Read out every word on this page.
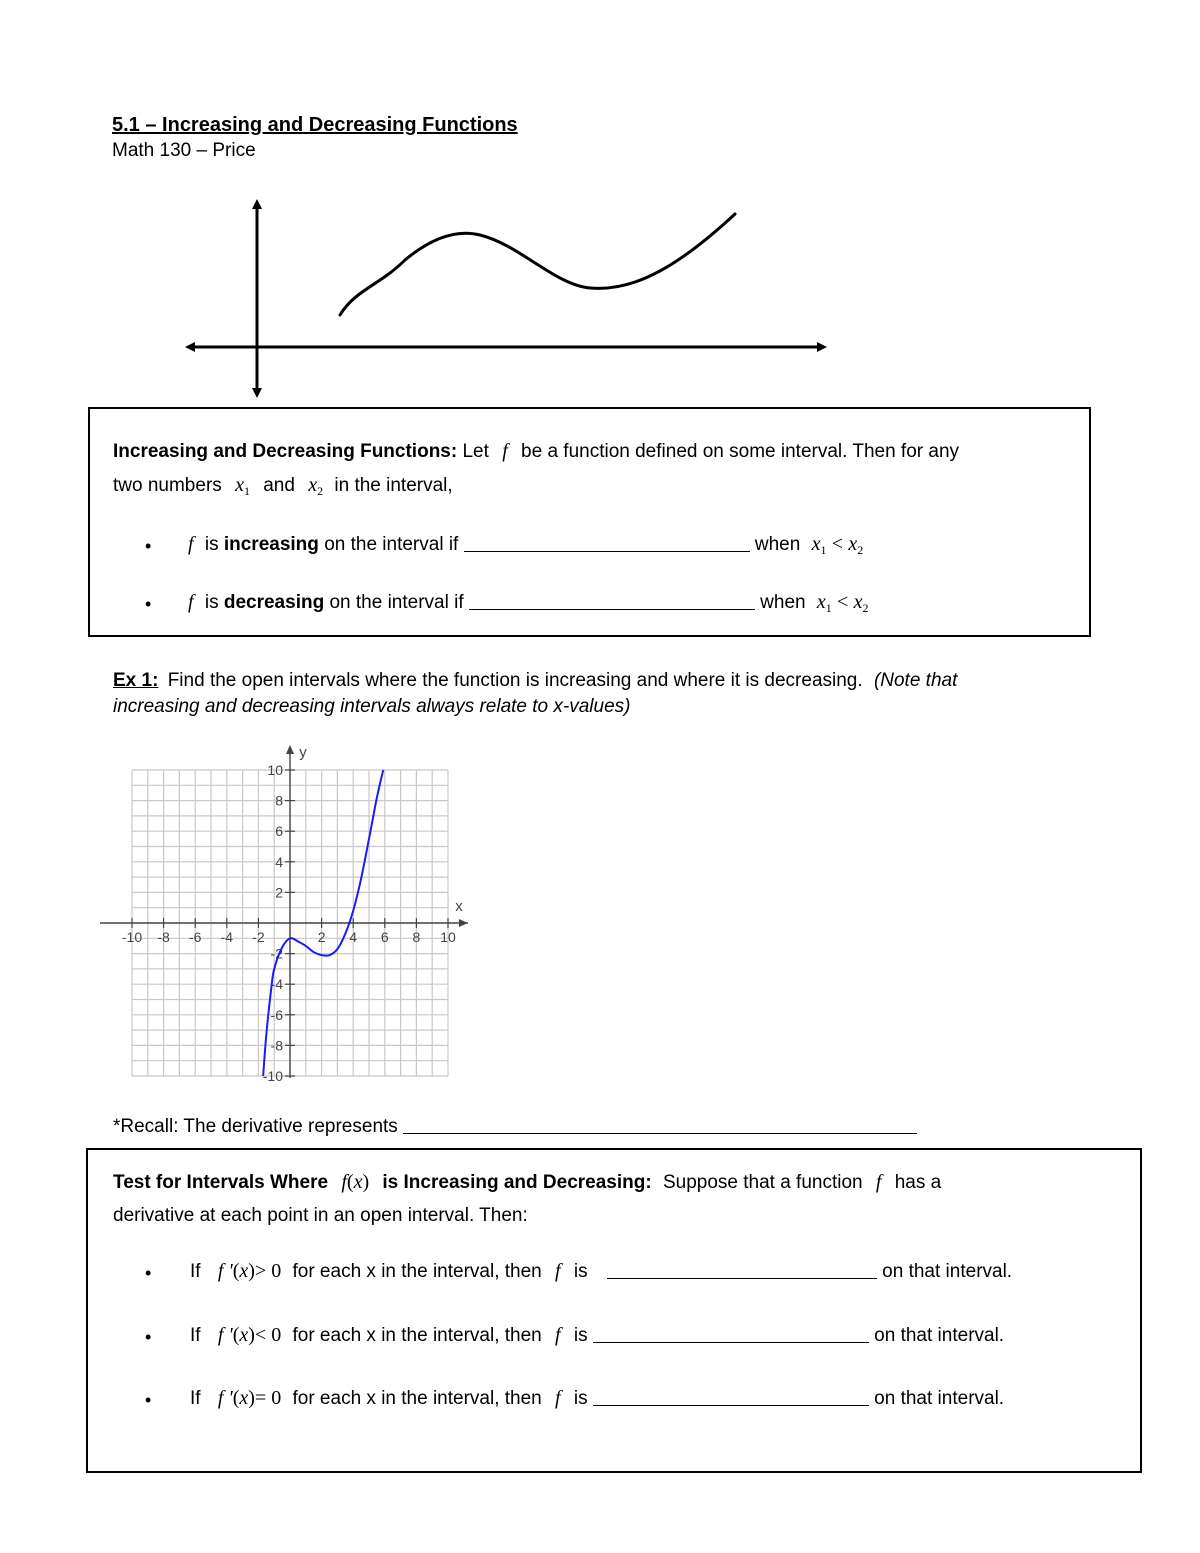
5.1 – Increasing and Decreasing Functions
Math 130 – Price
Increasing and Decreasing Functions: Let f be a function defined on some interval. Then for any
two numbers $x_1$ and $x_2$ in the interval,
• f is increasing on the interval if	when $x_1 < x_2$
• f is decreasing on the interval if	when $x_1 < x_2$
Ex 1: Find the open intervals where the function is increasing and where it is decreasing. (Note that
increasing and decreasing intervals always relate to x-values)
-10 -8 -6 -4 -2	2 4 6 8 10
10
8
6
4
2
-2
-4
-6
-8
-10
x
y
*Recall: The derivative represents
Test for Intervals Where f(x) is Increasing and Decreasing: Suppose that a function f has a
derivative at each point in an open interval. Then:
• If f '(x)> 0 for each x in the interval, then f is	on that interval.
• If f '(x)< 0 for each x in the interval, then f is	on that interval.
• If f '(x)= 0 for each x in the interval, then f is	on that interval.
